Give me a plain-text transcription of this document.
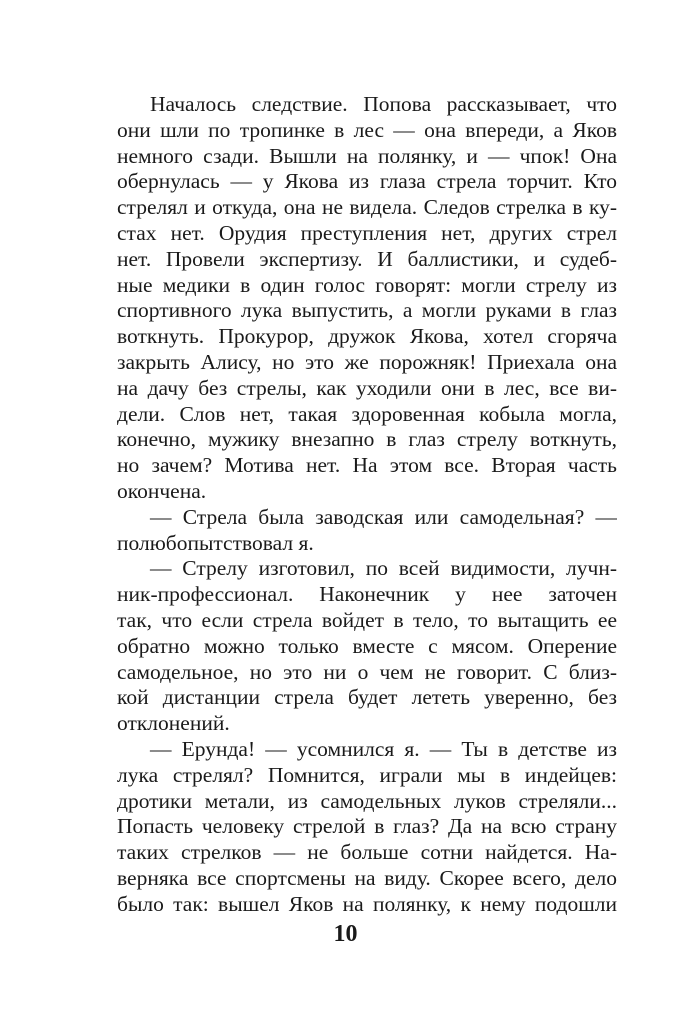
Началось следствие. Попова рассказывает, что
они шли по тропинке в лес — она впереди, а Яков
немного сзади. Вышли на полянку, и — чпок! Она
обернулась — у Якова из глаза стрела торчит. Кто
стрелял и откуда, она не видела. Следов стрелка в ку-
стах нет. Орудия преступления нет, других стрел
нет. Провели экспертизу. И баллистики, и судеб-
ные медики в один голос говорят: могли стрелу из
спортивного лука выпустить, а могли руками в глаз
воткнуть. Прокурор, дружок Якова, хотел сгоряча
закрыть Алису, но это же порожняк! Приехала она
на дачу без стрелы, как уходили они в лес, все ви-
дели. Слов нет, такая здоровенная кобыла могла,
конечно, мужику внезапно в глаз стрелу воткнуть,
но зачем? Мотива нет. На этом все. Вторая часть
окончена.
— Стрела была заводская или самодельная? —
полюбопытствовал я.
— Стрелу изготовил, по всей видимости, лучн-
ник-профессионал. Наконечник у нее заточен
так, что если стрела войдет в тело, то вытащить ее
обратно можно только вместе с мясом. Оперение
самодельное, но это ни о чем не говорит. С близ-
кой дистанции стрела будет лететь уверенно, без
отклонений.
— Ерунда! — усомнился я. — Ты в детстве из
лука стрелял? Помнится, играли мы в индейцев:
дротики метали, из самодельных луков стреляли...
Попасть человеку стрелой в глаз? Да на всю страну
таких стрелков — не больше сотни найдется. На-
верняка все спортсмены на виду. Скорее всего, дело
было так: вышел Яков на полянку, к нему подошли
10
